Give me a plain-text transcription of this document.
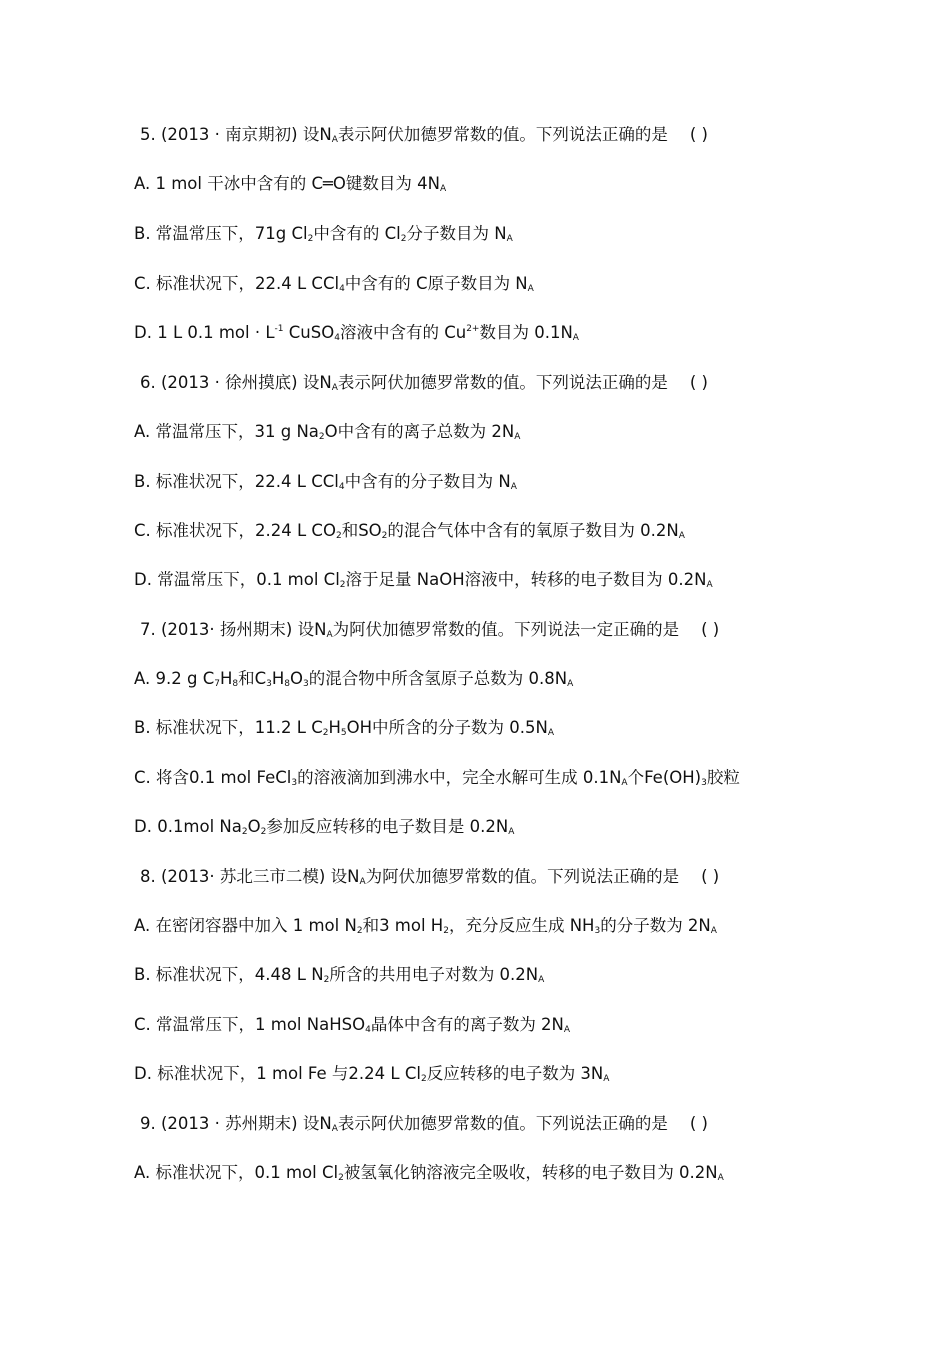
5. (2013 · 南京期初) 设$N_A$表示阿伏加德罗常数的值。下列说法正确的是 ( )
A. 1 mol 干冰中含有的 C═O键数目为 $4N_A$
B. 常温常压下，71g $Cl_2$中含有的 $Cl_2$分子数目为 $N_A$
C. 标准状况下，22.4 L CCl$_4$中含有的 C原子数目为 $N_A$
D. 1 L 0.1 mol · $L^{-1}$ CuSO$_4$溶液中含有的 $Cu^{2+}$数目为 $0.1N_A$
6. (2013 · 徐州摸底) 设$N_A$表示阿伏加德罗常数的值。下列说法正确的是 ( )
A. 常温常压下，31 g $Na_2O$中含有的离子总数为 $2N_A$
B. 标准状况下，22.4 L CCl$_4$中含有的分子数目为 $N_A$
C. 标准状况下，2.24 L $CO_2$和$SO_2$的混合气体中含有的氧原子数目为 $0.2N_A$
D. 常温常压下，0.1 mol $Cl_2$溶于足量 NaOH溶液中，转移的电子数目为 $0.2N_A$
7. (2013· 扬州期末) 设$N_A$为阿伏加德罗常数的值。下列说法一定正确的是 ( )
A. 9.2 g $C_7H_8$和$C_3H_8O_3$的混合物中所含氢原子总数为 $0.8N_A$
B. 标准状况下，11.2 L $C_2H_5OH$中所含的分子数为 $0.5N_A$
C. 将含0.1 mol FeCl$_3$的溶液滴加到沸水中，完全水解可生成 $0.1N_A$个$Fe(OH)_3$胶粒
D. 0.1mol $Na_2O_2$参加反应转移的电子数目是 $0.2N_A$
8. (2013· 苏北三市二模) 设$N_A$为阿伏加德罗常数的值。下列说法正确的是 ( )
A. 在密闭容器中加入 1 mol $N_2$和3 mol $H_2$，充分反应生成 $NH_3$的分子数为 $2N_A$
B. 标准状况下，4.48 L $N_2$所含的共用电子对数为 $0.2N_A$
C. 常温常压下，1 mol NaHSO$_4$晶体中含有的离子数为 $2N_A$
D. 标准状况下，1 mol Fe 与2.24 L $Cl_2$反应转移的电子数为 $3N_A$
9. (2013 · 苏州期末) 设$N_A$表示阿伏加德罗常数的值。下列说法正确的是 ( )
A. 标准状况下，0.1 mol $Cl_2$被氢氧化钠溶液完全吸收，转移的电子数目为 $0.2N_A$
